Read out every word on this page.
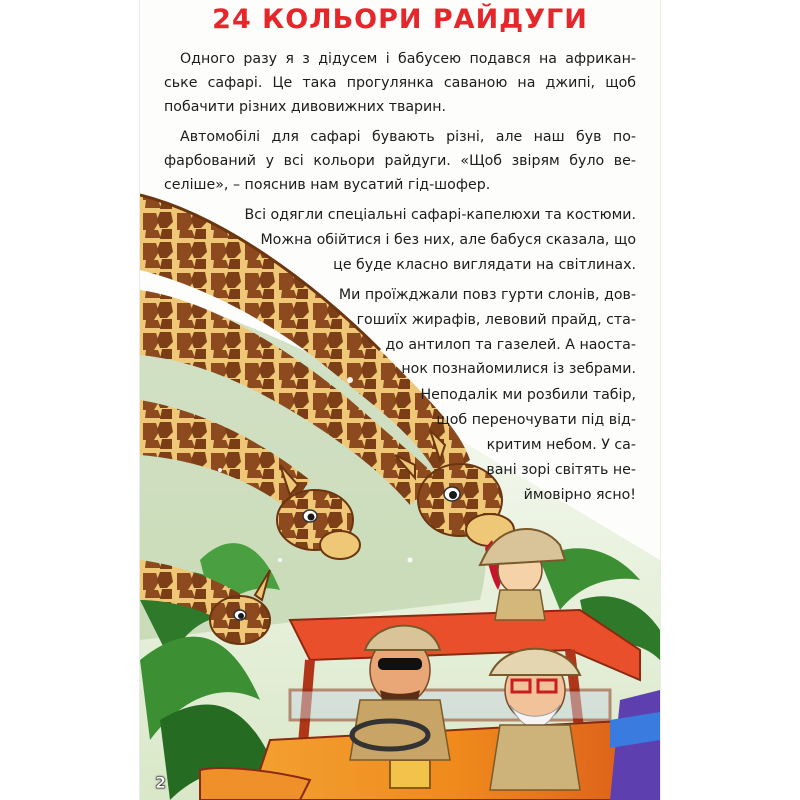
24 КОЛЬОРИ РАЙДУГИ
Одного разу я з дідусем і бабусею подався на африкан-
ське сафарі. Це така прогулянка саваною на джипі, щоб
побачити різних дивовижних тварин.
Автомобілі для сафарі бувають різні, але наш був по-
фарбований у всі кольори райдуги. «Щоб звірям було ве-
селіше», – пояснив нам вусатий гід-шофер.
Всі одягли спеціальні сафарі-капелюхи та костюми.
Можна обійтися і без них, але бабуся сказала, що
це буде класно виглядати на світлинах.
Ми проїжджали повз гурти слонів, дов-
гошиїх жирафів, левовий прайд, ста-
до антилоп та газелей. А наоста-
нок познайомилися із зебрами.
Неподалік ми розбили табір,
щоб переночувати під від-
критим небом. У са-
вані зорі світять не-
ймовірно ясно!
2
